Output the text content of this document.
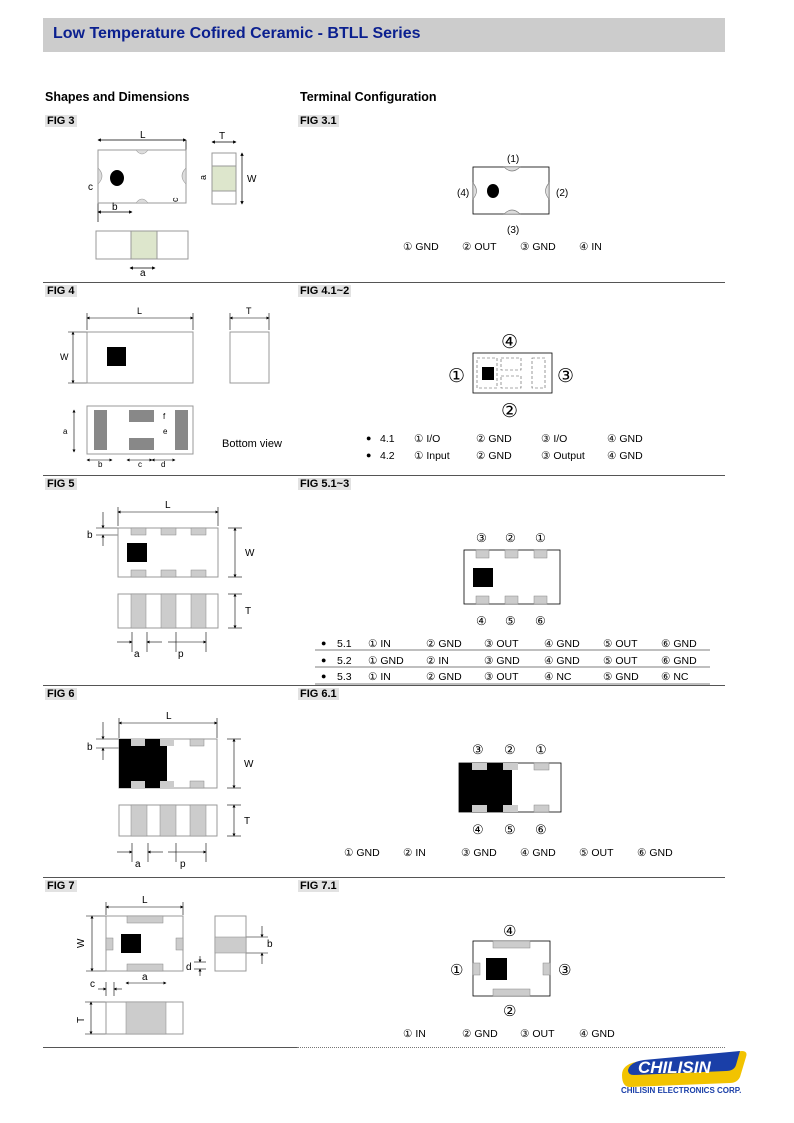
Low Temperature Cofired Ceramic - BTLL Series
Shapes and Dimensions	Terminal Configuration
FIG 3	FIG 3.1
FIG 4	FIG 4.1~2
FIG 5	FIG 5.1~3
FIG 6	FIG 6.1
FIG 7	FIG 7.1
L	T
W
b
c
a
c
a
(1)
(2)
(3)
(4)
① GND ② OUT ③ GND ④ IN
L	T
W
a
b	c d
e
f
Bottom view
④
①	③
②
● 4.1 ① I/O	② GND	③ I/O	④ GND
● 4.2 ① Input	② GND	③ Output ④ GND
L
W
T
b
a	p
③ ② ①
④ ⑤ ⑥
● 5.1 ① IN	② GND ③ OUT ④ GND ⑤ OUT ⑥ GND
● 5.2 ① GND ② IN	③ GND ④ GND ⑤ OUT ⑥ GND
● 5.3 ① IN	② GND ③ OUT ④ NC	⑤ GND ⑥ NC
L
W
T
b
a	p
③ ② ①
④ ⑤ ⑥
① GND ② IN	③ GND ④ GND ⑤ OUT ⑥ GND
L
W
a
c
d
b
T
④
①	③
②
① IN	② GND ③ OUT ④ GND
CHILISIN
CHILISIN ELECTRONICS CORP.
